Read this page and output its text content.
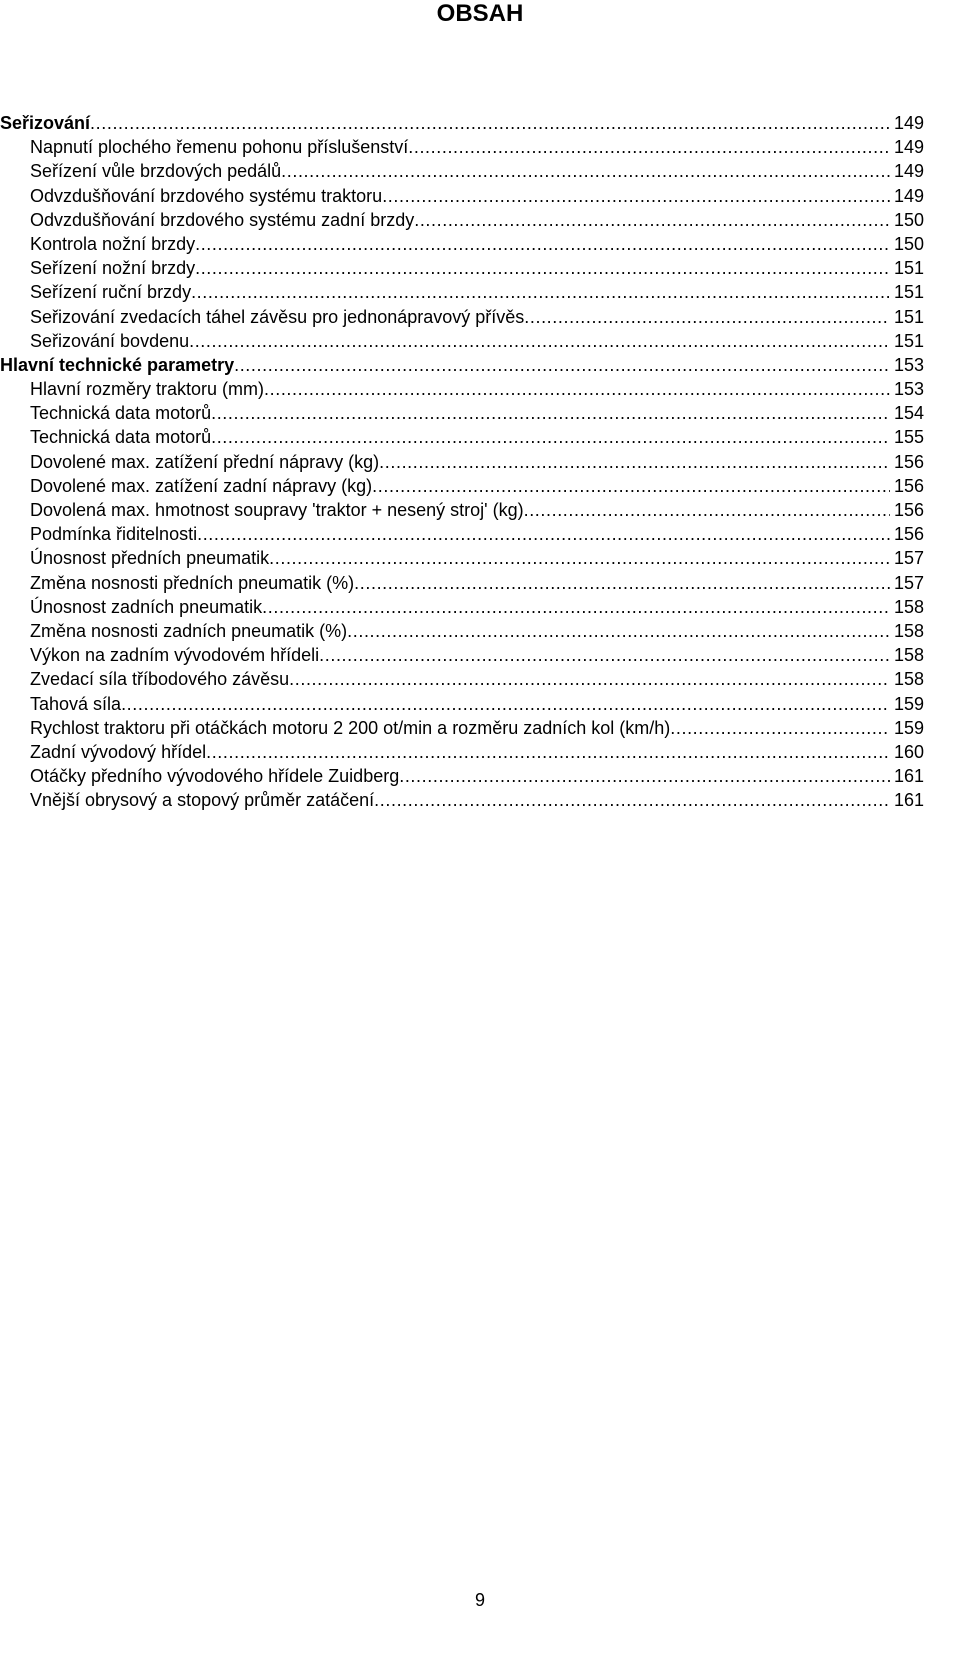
OBSAH
Seřizování .....	149
Napnutí plochého řemenu pohonu příslušenství .....	149
Seřízení vůle brzdových pedálů .....	149
Odvzdušňování brzdového systému traktoru .....	149
Odvzdušňování brzdového systému zadní brzdy .....	150
Kontrola nožní brzdy .....	150
Seřízení nožní brzdy .....	151
Seřízení ruční brzdy .....	151
Seřizování zvedacích táhel závěsu pro jednonápravový přívěs .....	151
Seřizování bovdenu .....	151
Hlavní technické parametry .....	153
Hlavní rozměry traktoru (mm) .....	153
Technická data motorů .....	154
Technická data motorů .....	155
Dovolené max. zatížení přední nápravy (kg) .....	156
Dovolené max. zatížení zadní nápravy (kg) .....	156
Dovolená max. hmotnost soupravy 'traktor + nesený stroj' (kg) .....	156
Podmínka řiditelnosti .....	156
Únosnost předních pneumatik .....	157
Změna nosnosti předních pneumatik (%) .....	157
Únosnost zadních pneumatik .....	158
Změna nosnosti zadních pneumatik (%) .....	158
Výkon na zadním vývodovém hřídeli .....	158
Zvedací síla tříbodového závěsu .....	158
Tahová síla .....	159
Rychlost traktoru při otáčkách motoru 2 200 ot/min a rozměru zadních kol (km/h) .....	159
Zadní vývodový hřídel .....	160
Otáčky předního vývodového hřídele Zuidberg .....	161
Vnější obrysový a stopový průměr zatáčení .....	161
9
